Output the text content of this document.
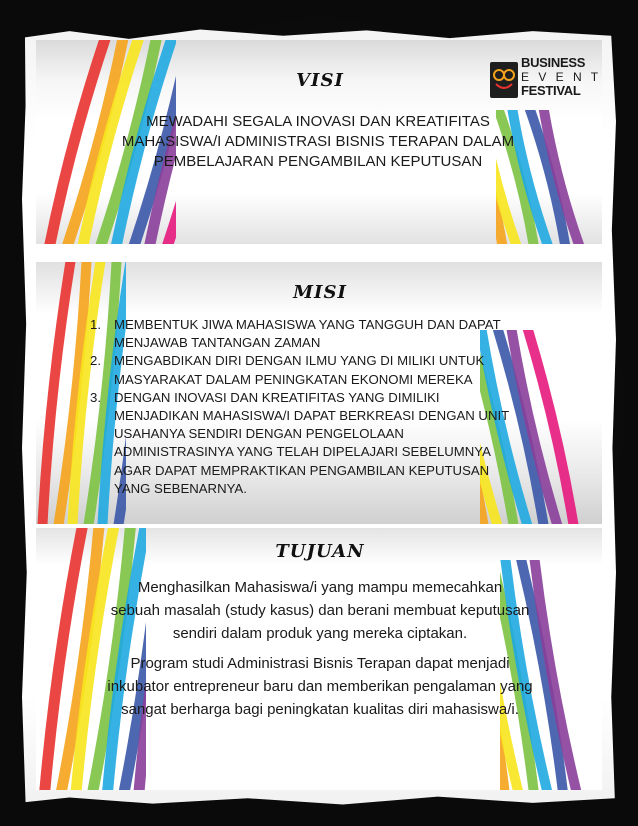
VISI
BUSINESS
E V E N T
FESTIVAL
MEWADAHI SEGALA INOVASI DAN KREATIFITAS
MAHASISWA/I ADMINISTRASI BISNIS TERAPAN DALAM
PEMBELAJARAN PENGAMBILAN KEPUTUSAN
MISI
1. MEMBENTUK JIWA MAHASISWA YANG TANGGUH DAN DAPAT
MENJAWAB TANTANGAN ZAMAN
2. MENGABDIKAN DIRI DENGAN ILMU YANG DI MILIKI UNTUK
MASYARAKAT DALAM PENINGKATAN EKONOMI MEREKA
3. DENGAN INOVASI DAN KREATIFITAS YANG DIMILIKI
MENJADIKAN MAHASISWA/I DAPAT BERKREASI DENGAN UNIT
USAHANYA SENDIRI DENGAN PENGELOLAAN
ADMINISTRASINYA YANG TELAH DIPELAJARI SEBELUMNYA
AGAR DAPAT MEMPRAKTIKAN PENGAMBILAN KEPUTUSAN
YANG SEBENARNYA.
TUJUAN
Menghasilkan Mahasiswa/i yang mampu memecahkan
sebuah masalah (study kasus) dan berani membuat keputusan
sendiri dalam produk yang mereka ciptakan.
Program studi Administrasi Bisnis Terapan dapat menjadi
inkubator entrepreneur baru dan memberikan pengalaman yang
sangat berharga bagi peningkatan kualitas diri mahasiswa/i.
